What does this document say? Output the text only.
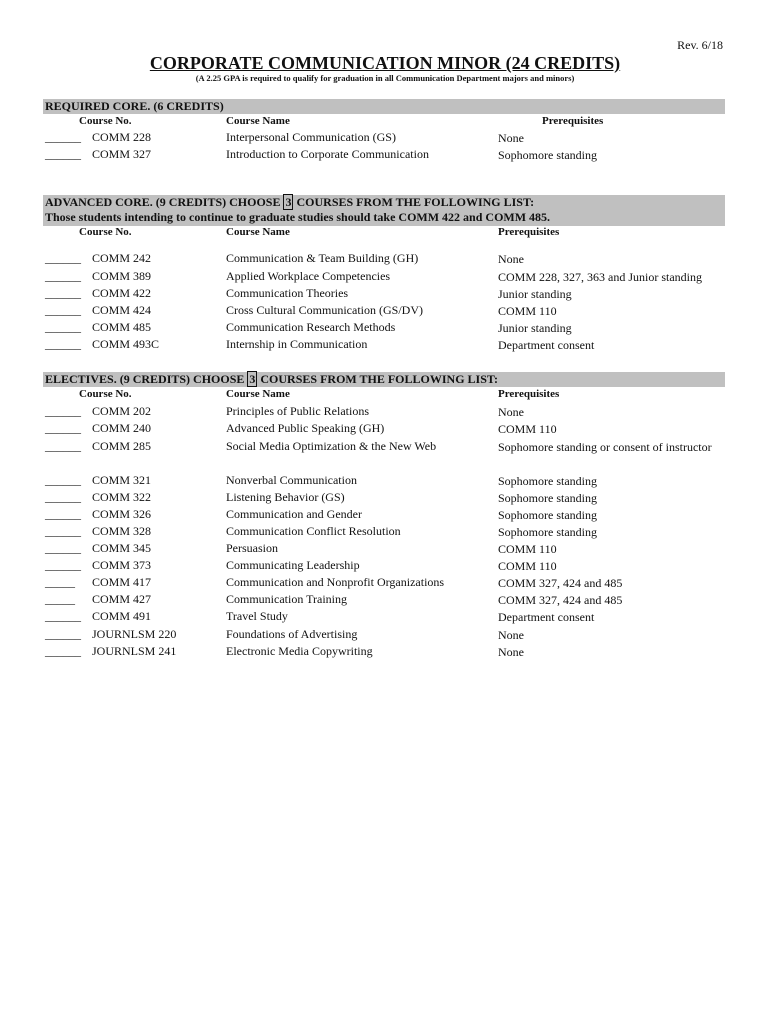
Rev. 6/18
CORPORATE COMMUNICATION MINOR (24 CREDITS)
(A 2.25 GPA is required to qualify for graduation in all Communication Department majors and minors)
REQUIRED CORE. (6 CREDITS)
Course No.	Course Name	Prerequisites
______ COMM 228	Interpersonal Communication (GS)	None
______ COMM 327	Introduction to Corporate Communication	Sophomore standing
ADVANCED CORE. (9 CREDITS) CHOOSE 3 COURSES FROM THE FOLLOWING LIST:
Those students intending to continue to graduate studies should take COMM 422 and COMM 485.
Course No.	Course Name	Prerequisites
______ COMM 242	Communication & Team Building (GH)	None
______ COMM 389	Applied Workplace Competencies	COMM 228, 327, 363 and Junior standing
______ COMM 422	Communication Theories	Junior standing
______ COMM 424	Cross Cultural Communication (GS/DV)	COMM 110
______ COMM 485	Communication Research Methods	Junior standing
______ COMM 493C	Internship in Communication	Department consent
ELECTIVES. (9 CREDITS) CHOOSE 3 COURSES FROM THE FOLLOWING LIST:
Course No.	Course Name	Prerequisites
______ COMM 202	Principles of Public Relations	None
______ COMM 240	Advanced Public Speaking (GH)	COMM 110
______ COMM 285	Social Media Optimization & the New Web	Sophomore standing or consent of instructor
______ COMM 321	Nonverbal Communication	Sophomore standing
______ COMM 322	Listening Behavior (GS)	Sophomore standing
______ COMM 326	Communication and Gender	Sophomore standing
______ COMM 328	Communication Conflict Resolution	Sophomore standing
______ COMM 345	Persuasion	COMM 110
______ COMM 373	Communicating Leadership	COMM 110
_____ COMM 417	Communication and Nonprofit Organizations	COMM 327, 424 and 485
_____ COMM 427	Communication Training	COMM 327, 424 and 485
______ COMM 491	Travel Study	Department consent
______ JOURNLSM 220	Foundations of Advertising	None
______ JOURNLSM 241	Electronic Media Copywriting	None
